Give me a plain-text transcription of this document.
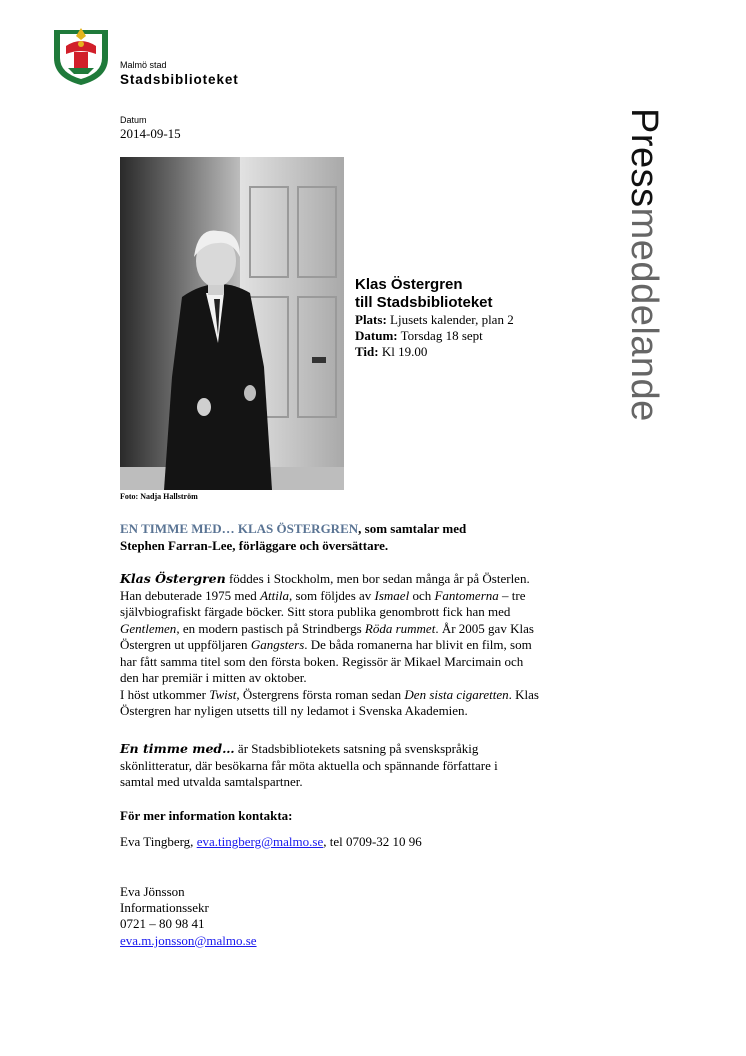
Malmö stad
Stadsbiblioteket
Datum
2014-09-15	Pressmeddelande
Foto: Nadja Hallström
Klas Östergren
till Stadsbiblioteket
Plats: Ljusets kalender, plan 2
Datum: Torsdag 18 sept
Tid: Kl 19.00
EN TIMME MED… KLAS ÖSTERGREN, som samtalar med
Stephen Farran-Lee, förläggare och översättare.
Klas Östergren föddes i Stockholm, men bor sedan många år på Österlen.
Han debuterade 1975 med Attila, som följdes av Ismael och Fantomerna – tre
självbiografiskt färgade böcker. Sitt stora publika genombrott fick han med
Gentlemen, en modern pastisch på Strindbergs Röda rummet. År 2005 gav Klas
Östergren ut uppföljaren Gangsters. De båda romanerna har blivit en film, som
har fått samma titel som den första boken. Regissör är Mikael Marcimain och
den har premiär i mitten av oktober.
I höst utkommer Twist, Östergrens första roman sedan Den sista cigaretten. Klas
Östergren har nyligen utsetts till ny ledamot i Svenska Akademien.
En timme med… är Stadsbibliotekets satsning på svenskspråkig
skönlitteratur, där besökarna får möta aktuella och spännande författare i
samtal med utvalda samtalspartner.
För mer information kontakta:
Eva Tingberg, eva.tingberg@malmo.se, tel 0709-32 10 96
Eva Jönsson
Informationssekr
0721 – 80 98 41
eva.m.jonsson@malmo.se
